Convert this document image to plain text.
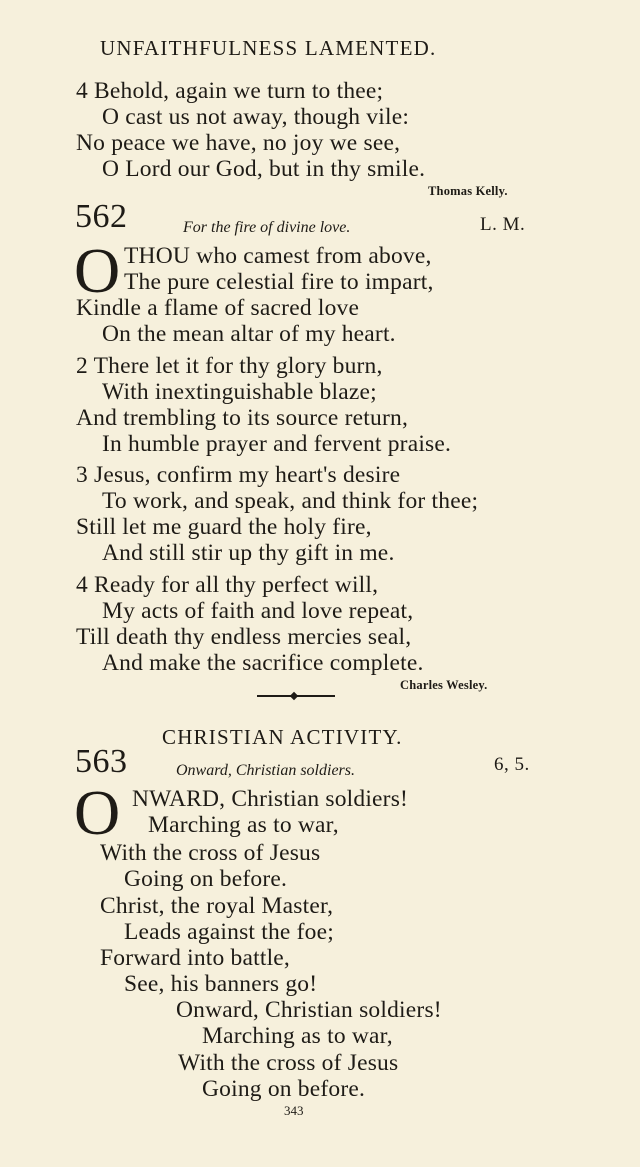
UNFAITHFULNESS LAMENTED.
4 Behold, again we turn to thee;
O cast us not away, though vile:
No peace we have, no joy we see,
O Lord our God, but in thy smile.
Thomas Kelly.
562	For the fire of divine love.	L. M.
O THOU who camest from above,
The pure celestial fire to impart,
Kindle a flame of sacred love
On the mean altar of my heart.
2 There let it for thy glory burn,
With inextinguishable blaze;
And trembling to its source return,
In humble prayer and fervent praise.
3 Jesus, confirm my heart's desire
To work, and speak, and think for thee;
Still let me guard the holy fire,
And still stir up thy gift in me.
4 Ready for all thy perfect will,
My acts of faith and love repeat,
Till death thy endless mercies seal,
And make the sacrifice complete.
Charles Wesley.
CHRISTIAN ACTIVITY.
563	Onward, Christian soldiers.	6, 5.
O NWARD, Christian soldiers!
Marching as to war,
With the cross of Jesus
Going on before.
Christ, the royal Master,
Leads against the foe;
Forward into battle,
See, his banners go!
Onward, Christian soldiers!
Marching as to war,
With the cross of Jesus
Going on before.
343
